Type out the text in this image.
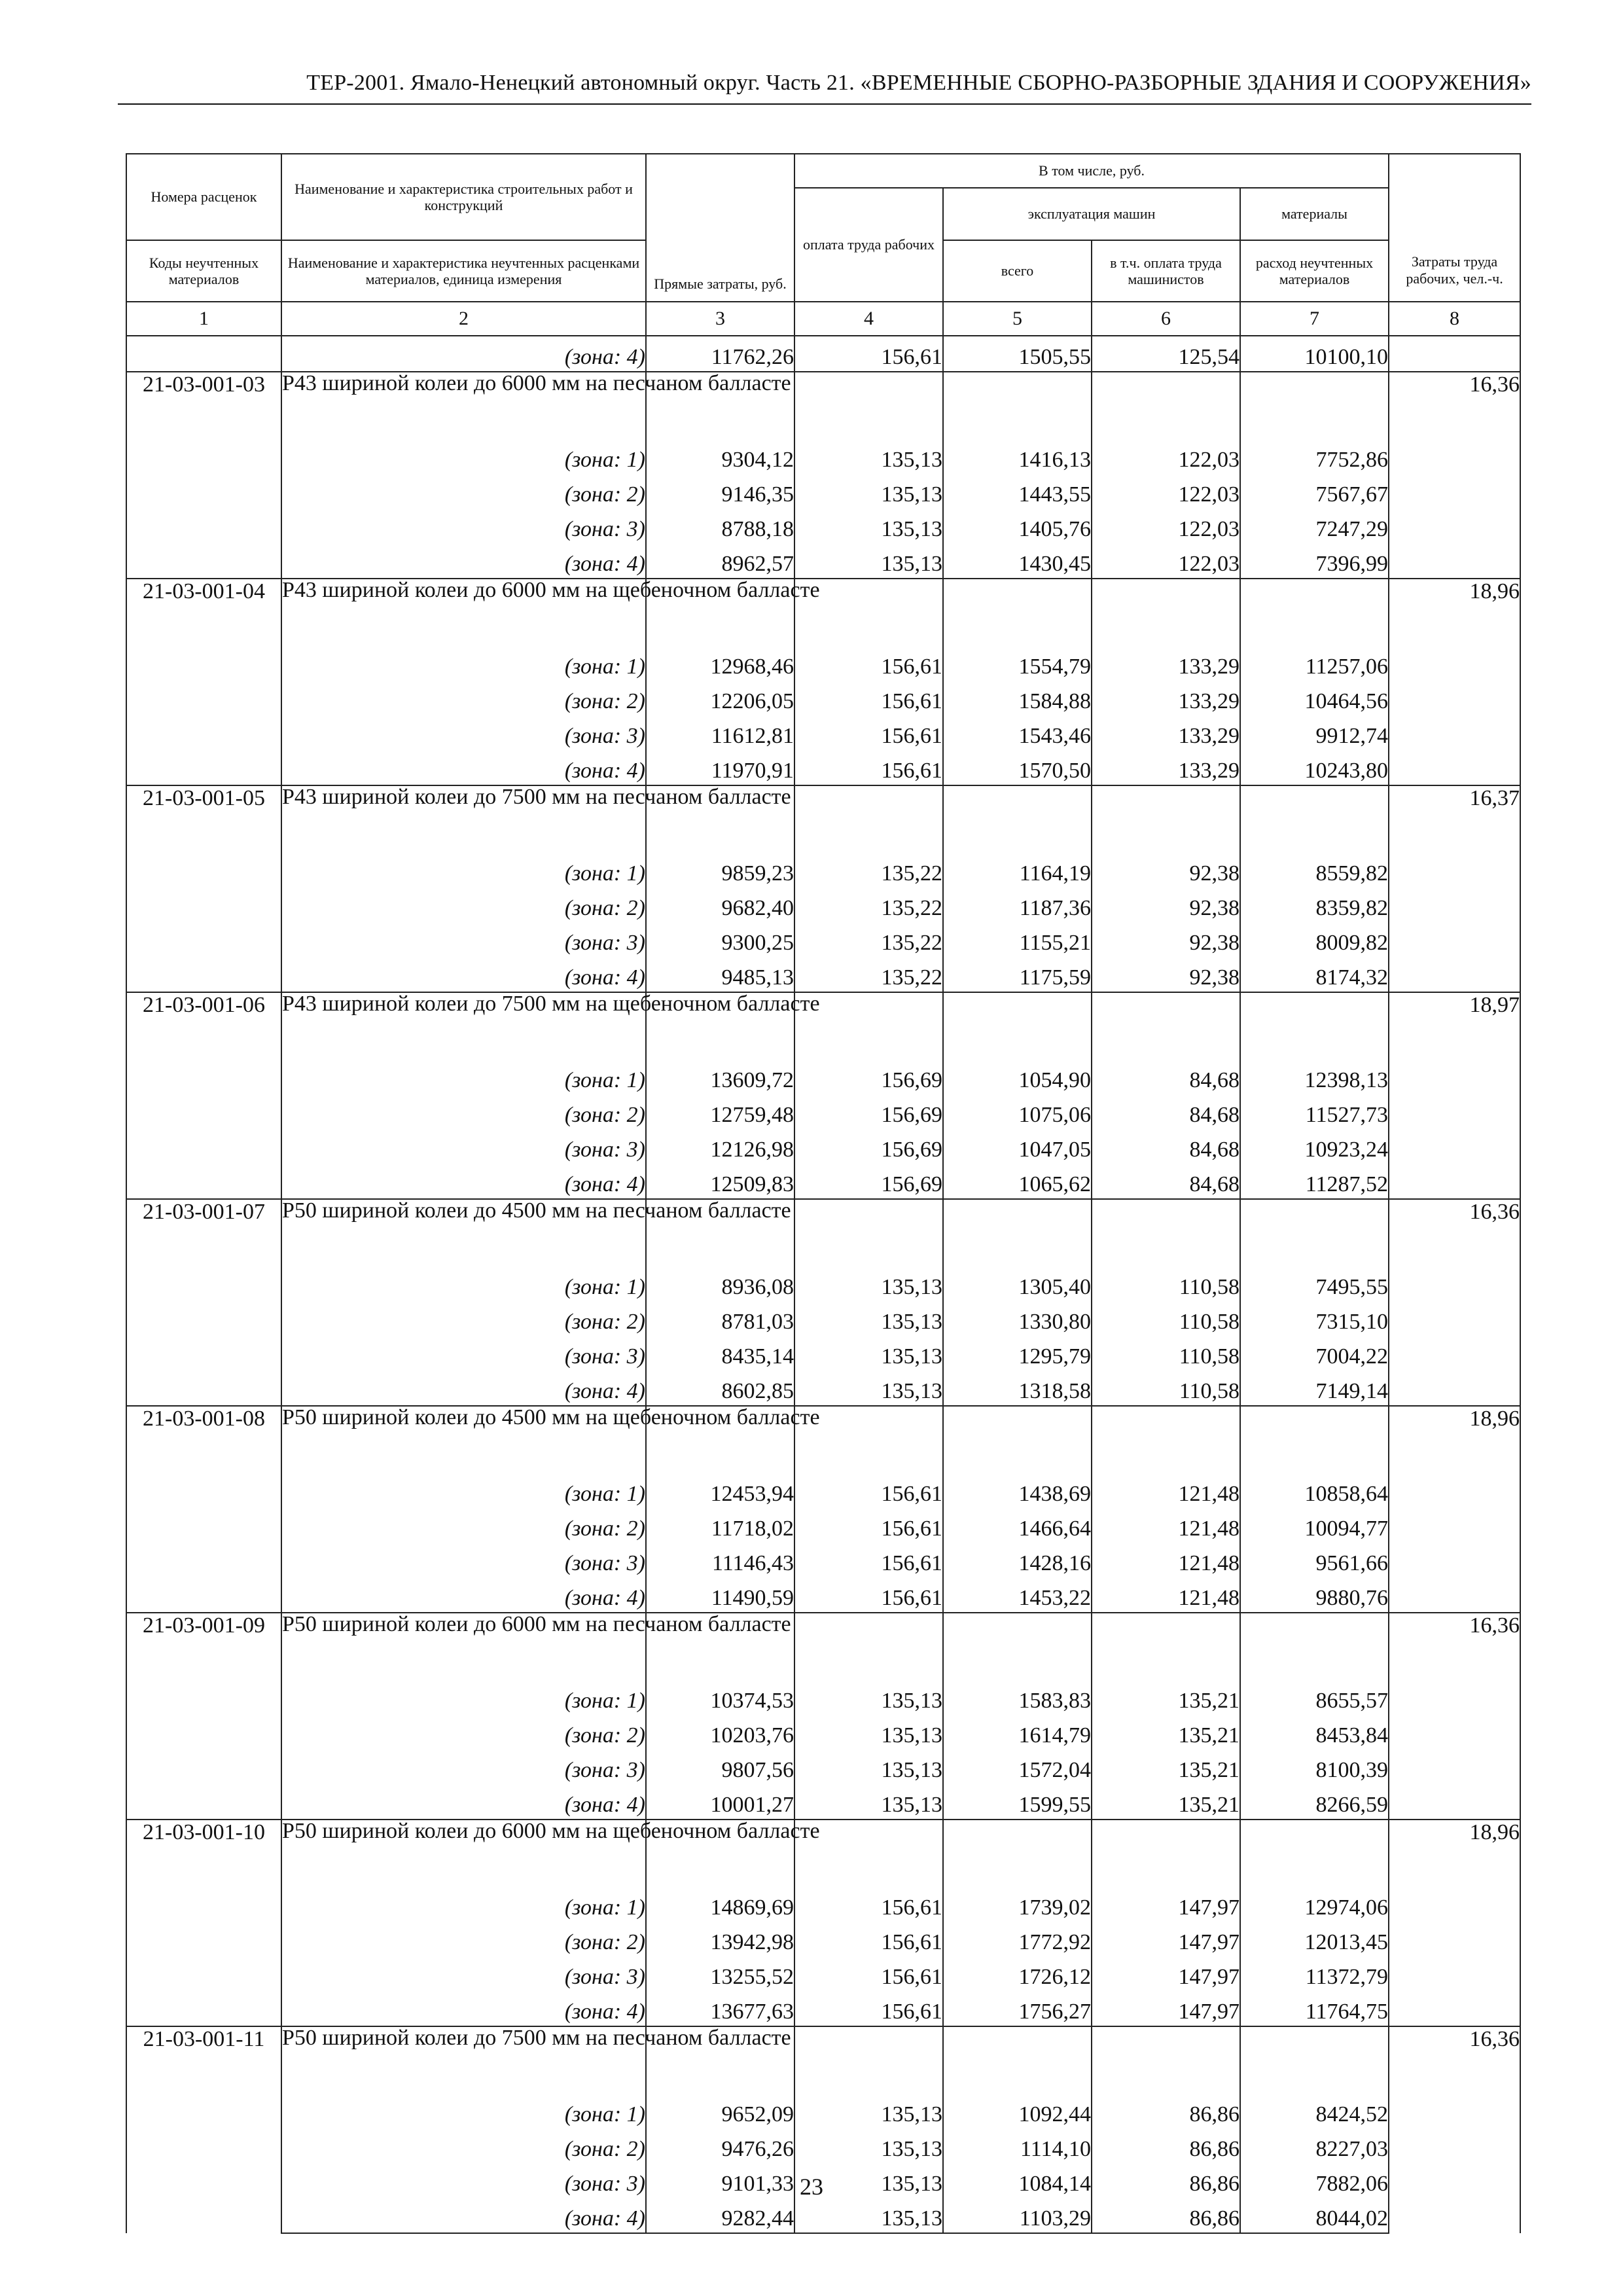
ТЕР-2001. Ямало-Ненецкий автономный округ. Часть 21. «ВРЕМЕННЫЕ СБОРНО-РАЗБОРНЫЕ ЗДАНИЯ И СООРУЖЕНИЯ»
Номера расценок	Наименование и характеристика строительных работ и конструкций	Прямые затраты, руб.	В том числе, руб.				Затраты труда рабочих, чел.-ч.
			оплата труда рабочих	эксплуатация машин		материалы	
Коды неучтенных материалов	Наименование и характеристика неучтенных расценками материалов, единица измерения			всего	в т.ч. оплата труда машинистов	расход неучтенных материалов	
1	2	3	4	5	6	7	8
	(зона: 4)	11762,26	156,61	1505,55	125,54	10100,10	
21-03-001-03	Р43 шириной колеи до 6000 мм на песчаном балласте						16,36
	(зона: 1)	9304,12	135,13	1416,13	122,03	7752,86	
	(зона: 2)	9146,35	135,13	1443,55	122,03	7567,67	
	(зона: 3)	8788,18	135,13	1405,76	122,03	7247,29	
	(зона: 4)	8962,57	135,13	1430,45	122,03	7396,99	
21-03-001-04	Р43 шириной колеи до 6000 мм на щебеночном балласте						18,96
	(зона: 1)	12968,46	156,61	1554,79	133,29	11257,06	
	(зона: 2)	12206,05	156,61	1584,88	133,29	10464,56	
	(зона: 3)	11612,81	156,61	1543,46	133,29	9912,74	
	(зона: 4)	11970,91	156,61	1570,50	133,29	10243,80	
21-03-001-05	Р43 шириной колеи до 7500 мм на песчаном балласте						16,37
	(зона: 1)	9859,23	135,22	1164,19	92,38	8559,82	
	(зона: 2)	9682,40	135,22	1187,36	92,38	8359,82	
	(зона: 3)	9300,25	135,22	1155,21	92,38	8009,82	
	(зона: 4)	9485,13	135,22	1175,59	92,38	8174,32	
21-03-001-06	Р43 шириной колеи до 7500 мм на щебеночном балласте						18,97
	(зона: 1)	13609,72	156,69	1054,90	84,68	12398,13	
	(зона: 2)	12759,48	156,69	1075,06	84,68	11527,73	
	(зона: 3)	12126,98	156,69	1047,05	84,68	10923,24	
	(зона: 4)	12509,83	156,69	1065,62	84,68	11287,52	
21-03-001-07	Р50 шириной колеи до 4500 мм на песчаном балласте						16,36
	(зона: 1)	8936,08	135,13	1305,40	110,58	7495,55	
	(зона: 2)	8781,03	135,13	1330,80	110,58	7315,10	
	(зона: 3)	8435,14	135,13	1295,79	110,58	7004,22	
	(зона: 4)	8602,85	135,13	1318,58	110,58	7149,14	
21-03-001-08	Р50 шириной колеи до 4500 мм на щебеночном балласте						18,96
	(зона: 1)	12453,94	156,61	1438,69	121,48	10858,64	
	(зона: 2)	11718,02	156,61	1466,64	121,48	10094,77	
	(зона: 3)	11146,43	156,61	1428,16	121,48	9561,66	
	(зона: 4)	11490,59	156,61	1453,22	121,48	9880,76	
21-03-001-09	Р50 шириной колеи до 6000 мм на песчаном балласте						16,36
	(зона: 1)	10374,53	135,13	1583,83	135,21	8655,57	
	(зона: 2)	10203,76	135,13	1614,79	135,21	8453,84	
	(зона: 3)	9807,56	135,13	1572,04	135,21	8100,39	
	(зона: 4)	10001,27	135,13	1599,55	135,21	8266,59	
21-03-001-10	Р50 шириной колеи до 6000 мм на щебеночном балласте						18,96
	(зона: 1)	14869,69	156,61	1739,02	147,97	12974,06	
	(зона: 2)	13942,98	156,61	1772,92	147,97	12013,45	
	(зона: 3)	13255,52	156,61	1726,12	147,97	11372,79	
	(зона: 4)	13677,63	156,61	1756,27	147,97	11764,75	
21-03-001-11	Р50 шириной колеи до 7500 мм на песчаном балласте						16,36
	(зона: 1)	9652,09	135,13	1092,44	86,86	8424,52	
	(зона: 2)	9476,26	135,13	1114,10	86,86	8227,03	
	(зона: 3)	9101,33	135,13	1084,14	86,86	7882,06	
	(зона: 4)	9282,44	135,13	1103,29	86,86	8044,02	
23
